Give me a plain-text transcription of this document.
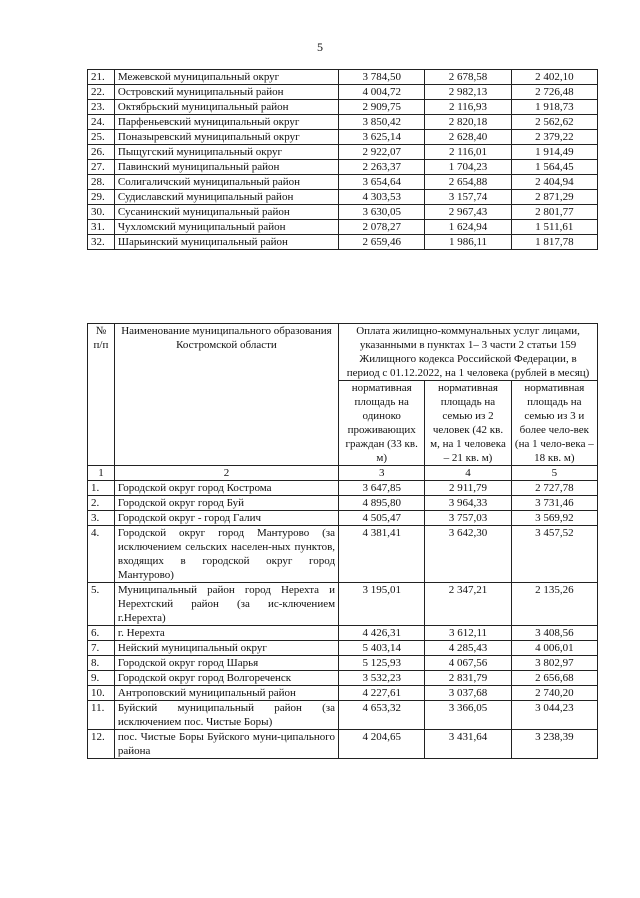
5
21.	Межевской муниципальный округ	3 784,50	2 678,58	2 402,10
22.	Островский муниципальный район	4 004,72	2 982,13	2 726,48
23.	Октябрьский муниципальный район	2 909,75	2 116,93	1 918,73
24.	Парфеньевский муниципальный округ	3 850,42	2 820,18	2 562,62
25.	Поназыревский муниципальный округ	3 625,14	2 628,40	2 379,22
26.	Пыщугский муниципальный округ	2 922,07	2 116,01	1 914,49
27.	Павинский муниципальный район	2 263,37	1 704,23	1 564,45
28.	Солигаличский муниципальный район	3 654,64	2 654,88	2 404,94
29.	Судиславский муниципальный район	4 303,53	3 157,74	2 871,29
30.	Сусанинский муниципальный район	3 630,05	2 967,43	2 801,77
31.	Чухломский муниципальный район	2 078,27	1 624,94	1 511,61
32.	Шарьинский муниципальный район	2 659,46	1 986,11	1 817,78
№ п/п	Наименование муниципального образования Костромской области	Оплата жилищно-коммунальных услуг лицами, указанными в пунктах 1– 3 части 2 статьи 159 Жилищного кодекса Российской Федерации, в период с 01.12.2022, на 1 человека (рублей в месяц)		
		нормативная площадь на одиноко проживающих граждан (33 кв. м)	нормативная площадь на семью из 2 человек (42 кв. м, на 1 человека – 21 кв. м)	нормативная площадь на семью из 3 и более чело-век (на 1 чело-века – 18 кв. м)
1	2	3	4	5
1.	Городской округ город Кострома	3 647,85	2 911,79	2 727,78
2.	Городской округ город Буй	4 895,80	3 964,33	3 731,46
3.	Городской округ - город Галич	4 505,47	3 757,03	3 569,92
4.	Городской округ город Мантурово (за исключением сельских населен-ных пунктов, входящих в городской округ город Мантурово)	4 381,41	3 642,30	3 457,52
5.	Муниципальный район город Нерехта и Нерехтский район (за ис-ключением г.Нерехта)	3 195,01	2 347,21	2 135,26
6.	г. Нерехта	4 426,31	3 612,11	3 408,56
7.	Нейский муниципальный округ	5 403,14	4 285,43	4 006,01
8.	Городской округ город Шарья	5 125,93	4 067,56	3 802,97
9.	Городской округ город Волгореченск	3 532,23	2 831,79	2 656,68
10.	Антроповский муниципальный район	4 227,61	3 037,68	2 740,20
11.	Буйский муниципальный район (за исключением пос. Чистые Боры)	4 653,32	3 366,05	3 044,23
12.	пос. Чистые Боры Буйского муни-ципального района	4 204,65	3 431,64	3 238,39
